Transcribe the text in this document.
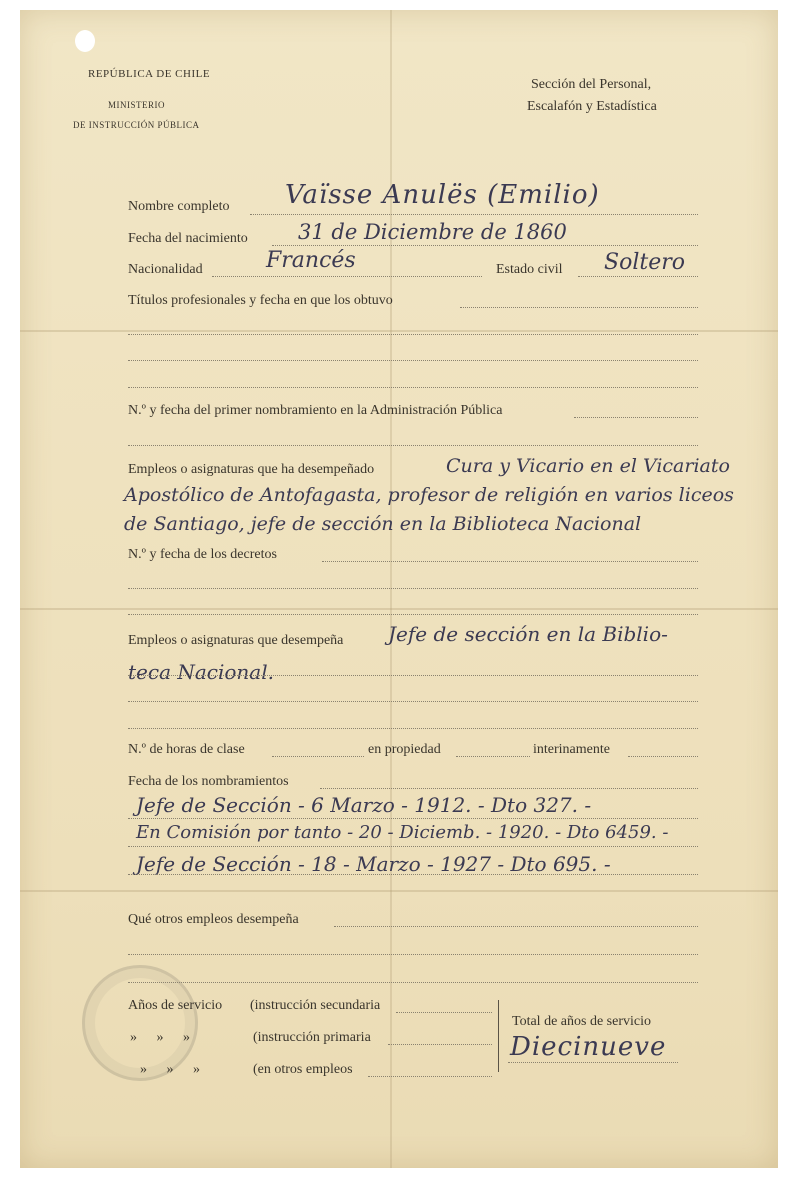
REPÚBLICA DE CHILE
MINISTERIO
DE INSTRUCCIÓN PÚBLICA
Sección del Personal,
Escalafón y Estadística
Nombre completo Vaïsse Anulës (Emilio)
Fecha del nacimiento 31 de Diciembre de 1860
Nacionalidad	Francés	Estado civil Soltero
Títulos profesionales y fecha en que los obtuvo
N.º y fecha del primer nombramiento en la Administración Pública
Empleos o asignaturas que ha desempeñado	Cura y Vicario en el Vicariato
Apostólico de Antofagasta, profesor de religión en varios liceos
de Santiago, jefe de sección en la Biblioteca Nacional
N.º y fecha de los decretos
Empleos o asignaturas que desempeña Jefe de sección en la Biblio-
teca Nacional.
N.º de horas de clase	en propiedad	interinamente
Fecha de los nombramientos
Jefe de Sección - 6 Marzo - 1912. - Dto 327. -
En Comisión por tanto - 20 - Diciemb. - 1920. - Dto 6459. -
Jefe de Sección - 18 - Marzo - 1927 - Dto 695. -
Qué otros empleos desempeña
Años de servicio (instrucción secundaria
» » »	(instrucción primaria
» » »	(en otros empleos
Total de años de servicio
Diecinueve
